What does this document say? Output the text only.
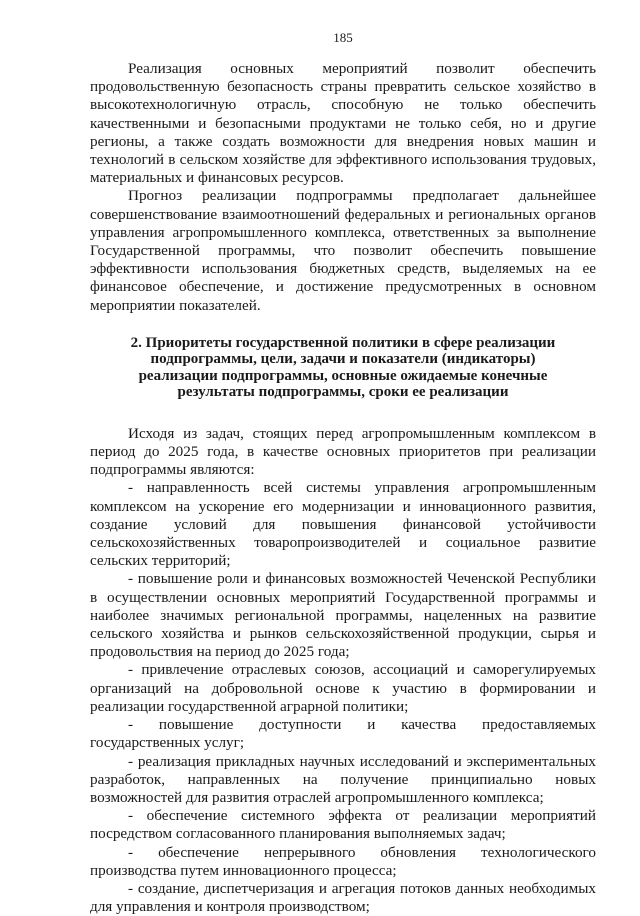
185

Реализация основных мероприятий позволит обеспечить продовольственную безопасность страны превратить сельское хозяйство в высокотехнологичную отрасль, способную не только обеспечить качественными и безопасными продуктами не только себя, но и другие регионы, а также создать возможности для внедрения новых машин и технологий в сельском хозяйстве для эффективного использования трудовых, материальных и финансовых ресурсов.

Прогноз реализации подпрограммы предполагает дальнейшее совершенствование взаимоотношений федеральных и региональных органов управления агропромышленного комплекса, ответственных за выполнение Государственной программы, что позволит обеспечить повышение эффективности использования бюджетных средств, выделяемых на ее финансовое обеспечение, и достижение предусмотренных в основном мероприятии показателей.

2. Приоритеты государственной политики в сфере реализации подпрограммы, цели, задачи и показатели (индикаторы) реализации подпрограммы, основные ожидаемые конечные результаты подпрограммы, сроки ее реализации

Исходя из задач, стоящих перед агропромышленным комплексом в период до 2025 года, в качестве основных приоритетов при реализации подпрограммы являются:

- направленность всей системы управления агропромышленным комплексом на ускорение его модернизации и инновационного развития, создание условий для повышения финансовой устойчивости сельскохозяйственных товаропроизводителей и социальное развитие сельских территорий;

- повышение роли и финансовых возможностей Чеченской Республики в осуществлении основных мероприятий Государственной программы и наиболее значимых региональной программы, нацеленных на развитие сельского хозяйства и рынков сельскохозяйственной продукции, сырья и продовольствия на период до 2025 года;

- привлечение отраслевых союзов, ассоциаций и саморегулируемых организаций на добровольной основе к участию в формировании и реализации государственной аграрной политики;

- повышение доступности и качества предоставляемых государственных услуг;

- реализация прикладных научных исследований и экспериментальных разработок, направленных на получение принципиально новых возможностей для развития отраслей агропромышленного комплекса;

- обеспечение системного эффекта от реализации мероприятий посредством согласованного планирования выполняемых задач;

- обеспечение непрерывного обновления технологического производства путем инновационного процесса;

- создание, диспетчеризация и агрегация потоков данных необходимых для управления и контроля производством;
